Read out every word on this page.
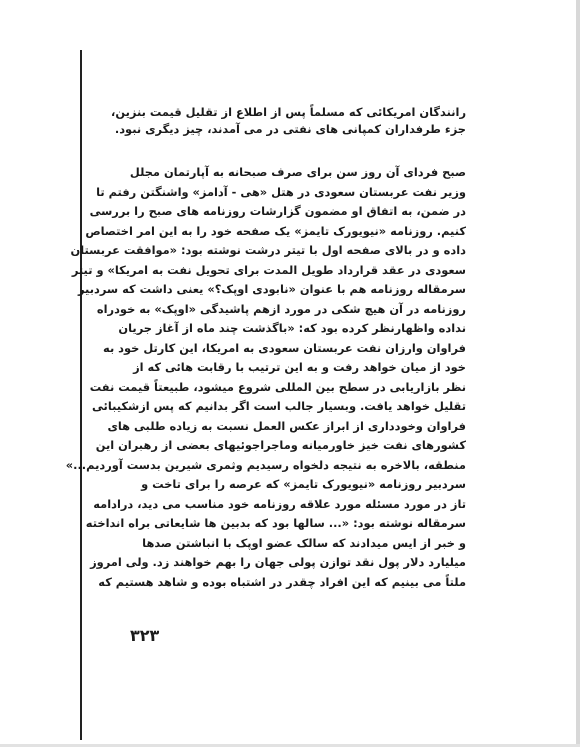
رانندگان امریکائی که مسلماً پس از اطلاع از تقلیل قیمت بنزین،
جزء طرفداران کمپانی های نفتی در می آمدند، چیز دیگری نبود.
صبح فردای آن روز سن برای صرف صبحانه به آپارتمان مجلل
وزیر نفت عربستان سعودی در هتل «هی - آدامز» واشنگتن رفتم تا
در ضمن، به اتفاق او مضمون گزارشات روزنامه های صبح را بررسی
کنیم. روزنامه «نیویورک تایمز» یک صفحه خود را به این امر اختصاص
داده و در بالای صفحه اول با تیتر درشت نوشته بود: «موافقت عربستان
سعودی در عقد قرارداد طویل المدت برای تحویل نفت به امریکا» و تیتر
سرمقاله روزنامه هم با عنوان «نابودی اوپک؟» یعنی داشت که سردبیر
روزنامه در آن هیچ شکی در مورد ازهم پاشیدگی «اوپک» به خودراه
نداده واظهارنظر کرده بود که: «باگذشت چند ماه از آغاز جریان
فراوان وارزان نفت عربستان سعودی به امریکا، این کارتل خود به
خود از میان خواهد رفت و به این ترتیب با رقابت هائی که از
نظر بازاریابی در سطح بین المللی شروع میشود، طبیعتاً قیمت نفت
تقلیل خواهد یافت. وبسیار جالب است اگر بدانیم که پس ازشکیبائی
فراوان وخودداری از ابراز عکس العمل نسبت به زیاده طلبی های
کشورهای نفت خیز خاورمیانه وماجراجوئیهای بعضی از رهبران این
منطقه، بالاخره به نتیجه دلخواه رسیدیم وثمری شیرین بدست آوردیم...»
سردبیر روزنامه «نیویورک تایمز» که عرصه را برای تاخت و
تاز در مورد مسئله مورد علاقه روزنامه خود مناسب می دید، درادامه
سرمقاله نوشته بود: «... سالها بود که بدبین ها شایعاتی براه انداخته
و خبر از ایس میدادند که سالک عضو اوپک با انباشتن صدها
میلیارد دلار پول نقد توازن پولی جهان را بهم خواهند زد. ولی امروز
ملتاً می بینیم که این افراد چقدر در اشتباه بوده و شاهد هستیم که
۳۲۳
